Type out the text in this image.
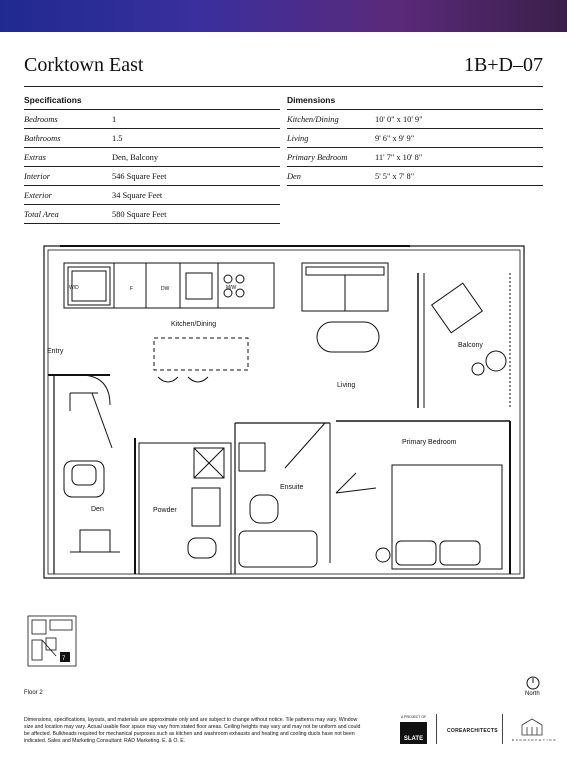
Corktown East	1B+D–07
Specifications
Bedrooms	1
Bathrooms	1.5
Extras	Den, Balcony
Interior	546 Square Feet
Exterior	34 Square Feet
Total Area	580 Square Feet
Dimensions
Kitchen/Dining	10' 0" x 10' 9"
Living	9' 6" x 9' 9"
Primary Bedroom	11' 7" x 10' 8"
Den	5' 5" x 7' 8"
W/D	F	DW	M/W
Kitchen/Dining
Entry
Living
Balcony
Primary Bedroom
Ensuite
Powder
Den
7
Floor 2	North
Dimensions, specifications, layouts, and materials are approximate only and are subject to change without notice. Tile patterns may vary. Window size and location may vary. Actual usable floor space may vary from stated floor areas. Ceiling heights may vary and may not be uniform and could be affected. Bulkheads required for mechanical purposes such as kitchen and washroom exhausts and heating and cooling ducts have not been indicated. Sales and Marketing Consultant: RAD Marketing. E. & O. E.
A PROJECT OF
SLATE
COREARCHITECTS
R A D M A R K E T I N G
